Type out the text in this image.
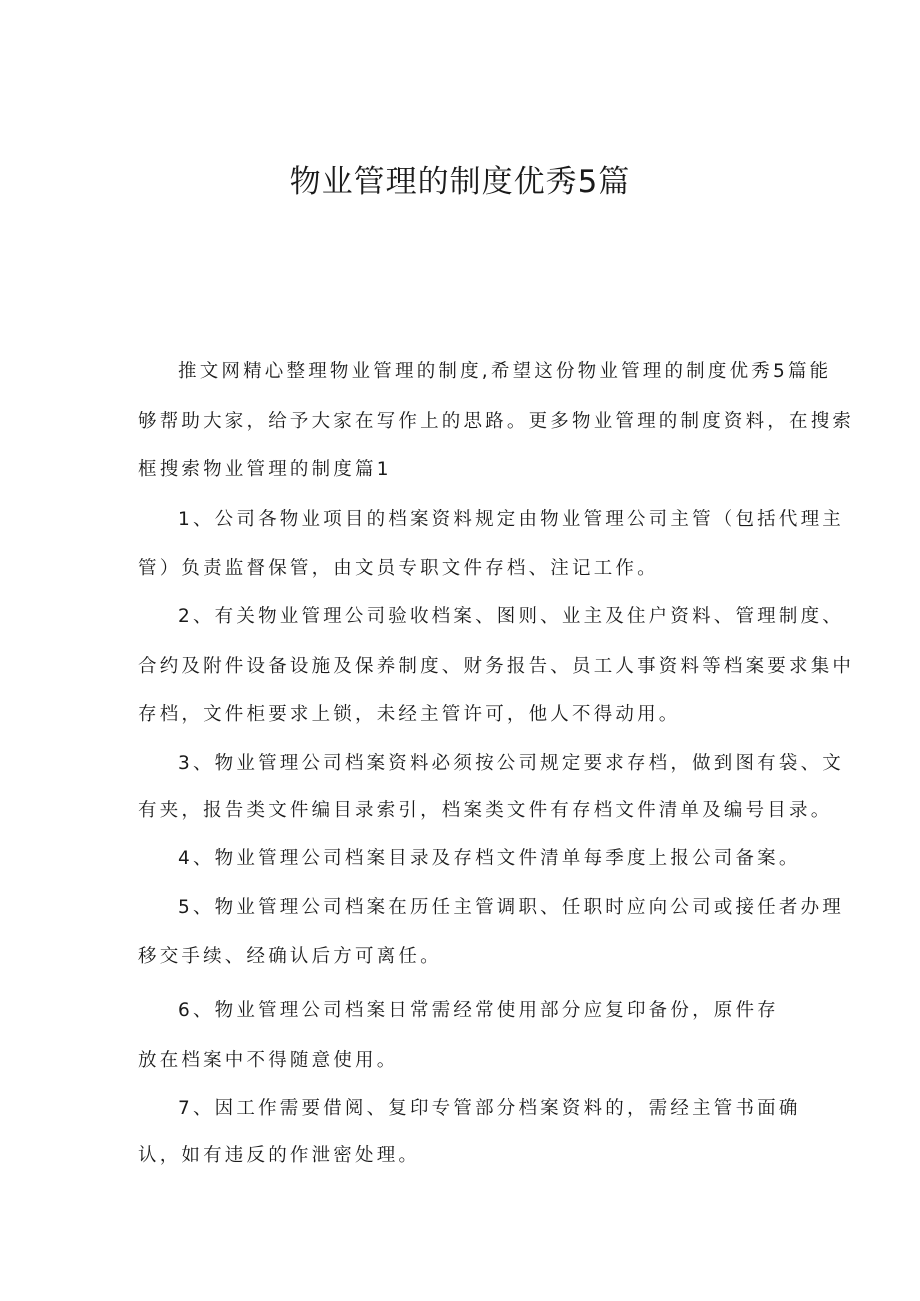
物业管理的制度优秀5篇
推文网精心整理物业管理的制度,希望这份物业管理的制度优秀5篇能
够帮助大家，给予大家在写作上的思路。更多物业管理的制度资料，在搜索
框搜索物业管理的制度篇1
1、公司各物业项目的档案资料规定由物业管理公司主管（包括代理主
管）负责监督保管，由文员专职文件存档、注记工作。
2、有关物业管理公司验收档案、图则、业主及住户资料、管理制度、
合约及附件设备设施及保养制度、财务报告、员工人事资料等档案要求集中
存档，文件柜要求上锁，未经主管许可，他人不得动用。
3、物业管理公司档案资料必须按公司规定要求存档，做到图有袋、文
有夹，报告类文件编目录索引，档案类文件有存档文件清单及编号目录。
4、物业管理公司档案目录及存档文件清单每季度上报公司备案。
5、物业管理公司档案在历任主管调职、任职时应向公司或接任者办理
移交手续、经确认后方可离任。
6、物业管理公司档案日常需经常使用部分应复印备份，原件存
放在档案中不得随意使用。
7、因工作需要借阅、复印专管部分档案资料的，需经主管书面确
认，如有违反的作泄密处理。
